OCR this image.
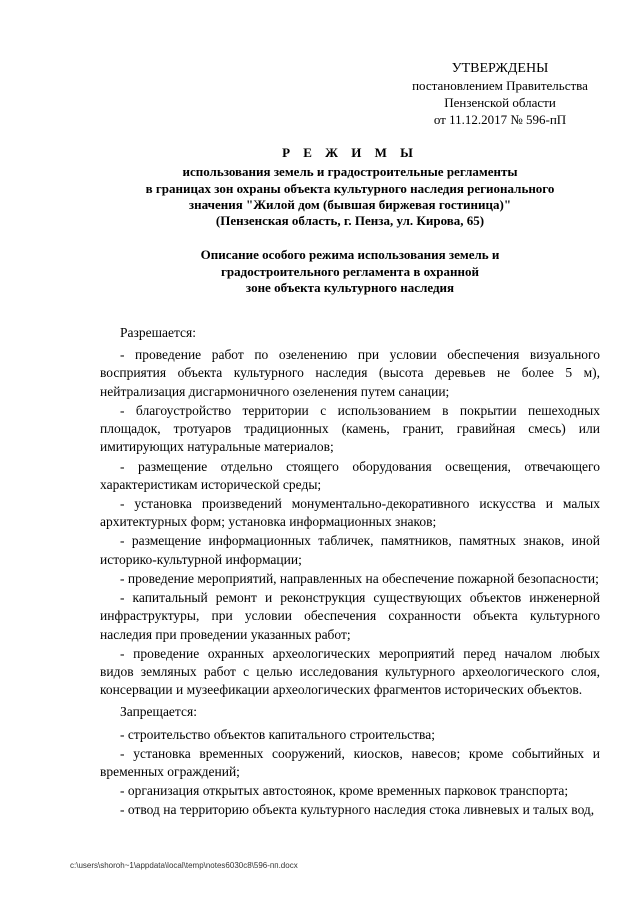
УТВЕРЖДЕНЫ
постановлением Правительства
Пензенской области
от 11.12.2017 № 596-пП
Р Е Ж И М Ы
использования земель и градостроительные регламенты
в границах зон охраны объекта культурного наследия регионального
значения "Жилой дом (бывшая биржевая гостиница)"
(Пензенская область, г. Пенза, ул. Кирова, 65)
Описание особого режима использования земель и
градостроительного регламента в охранной
зоне объекта культурного наследия
Разрешается:
- проведение работ по озеленению при условии обеспечения визуального восприятия объекта культурного наследия (высота деревьев не более 5 м), нейтрализация дисгармоничного озеленения путем санации;
- благоустройство территории с использованием в покрытии пешеходных площадок, тротуаров традиционных (камень, гранит, гравийная смесь) или имитирующих натуральные материалов;
- размещение отдельно стоящего оборудования освещения, отвечающего характеристикам исторической среды;
- установка произведений монументально-декоративного искусства и малых архитектурных форм; установка информационных знаков;
- размещение информационных табличек, памятников, памятных знаков, иной историко-культурной информации;
- проведение мероприятий, направленных на обеспечение пожарной безопасности;
- капитальный ремонт и реконструкция существующих объектов инженерной инфраструктуры, при условии обеспечения сохранности объекта культурного наследия при проведении указанных работ;
- проведение охранных археологических мероприятий перед началом любых видов земляных работ с целью исследования культурного археологического слоя, консервации и музеефикации археологических фрагментов исторических объектов.
Запрещается:
- строительство объектов капитального строительства;
- установка временных сооружений, киосков, навесов; кроме событийных и временных ограждений;
- организация открытых автостоянок, кроме временных парковок транспорта;
- отвод на территорию объекта культурного наследия стока ливневых и талых вод,
c:\users\shoroh~1\appdata\local\temp\notes6030c8\596-пп.docx
